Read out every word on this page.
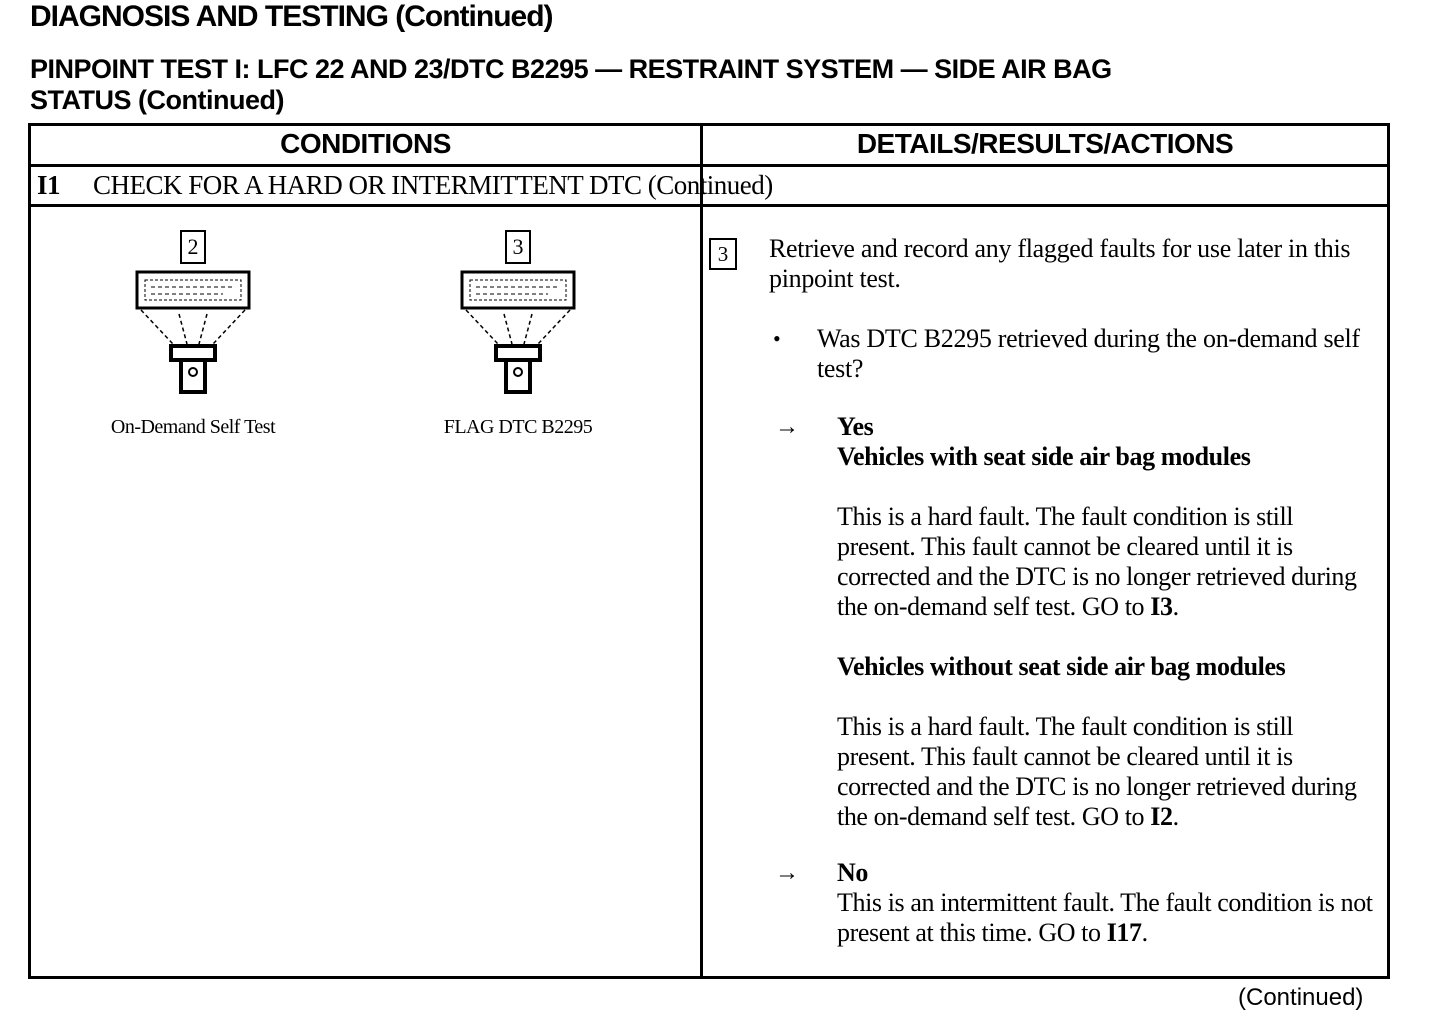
DIAGNOSIS AND TESTING (Continued)
PINPOINT TEST I: LFC 22 AND 23/DTC B2295 — RESTRAINT SYSTEM — SIDE AIR BAG
STATUS (Continued)
CONDITIONS	DETAILS/RESULTS/ACTIONS
I1 CHECK FOR A HARD OR INTERMITTENT DTC (Continued)
2
On-Demand Self Test
3
FLAG DTC B2295
3	Retrieve and record any flagged faults for use later in this pinpoint test.
• Was DTC B2295 retrieved during the on-demand self test?
→ Yes
Vehicles with seat side air bag modules
This is a hard fault. The fault condition is still present. This fault cannot be cleared until it is corrected and the DTC is no longer retrieved during the on-demand self test. GO to I3.
Vehicles without seat side air bag modules
This is a hard fault. The fault condition is still present. This fault cannot be cleared until it is corrected and the DTC is no longer retrieved during the on-demand self test. GO to I2.
→ No
This is an intermittent fault. The fault condition is not present at this time. GO to I17.
(Continued)
